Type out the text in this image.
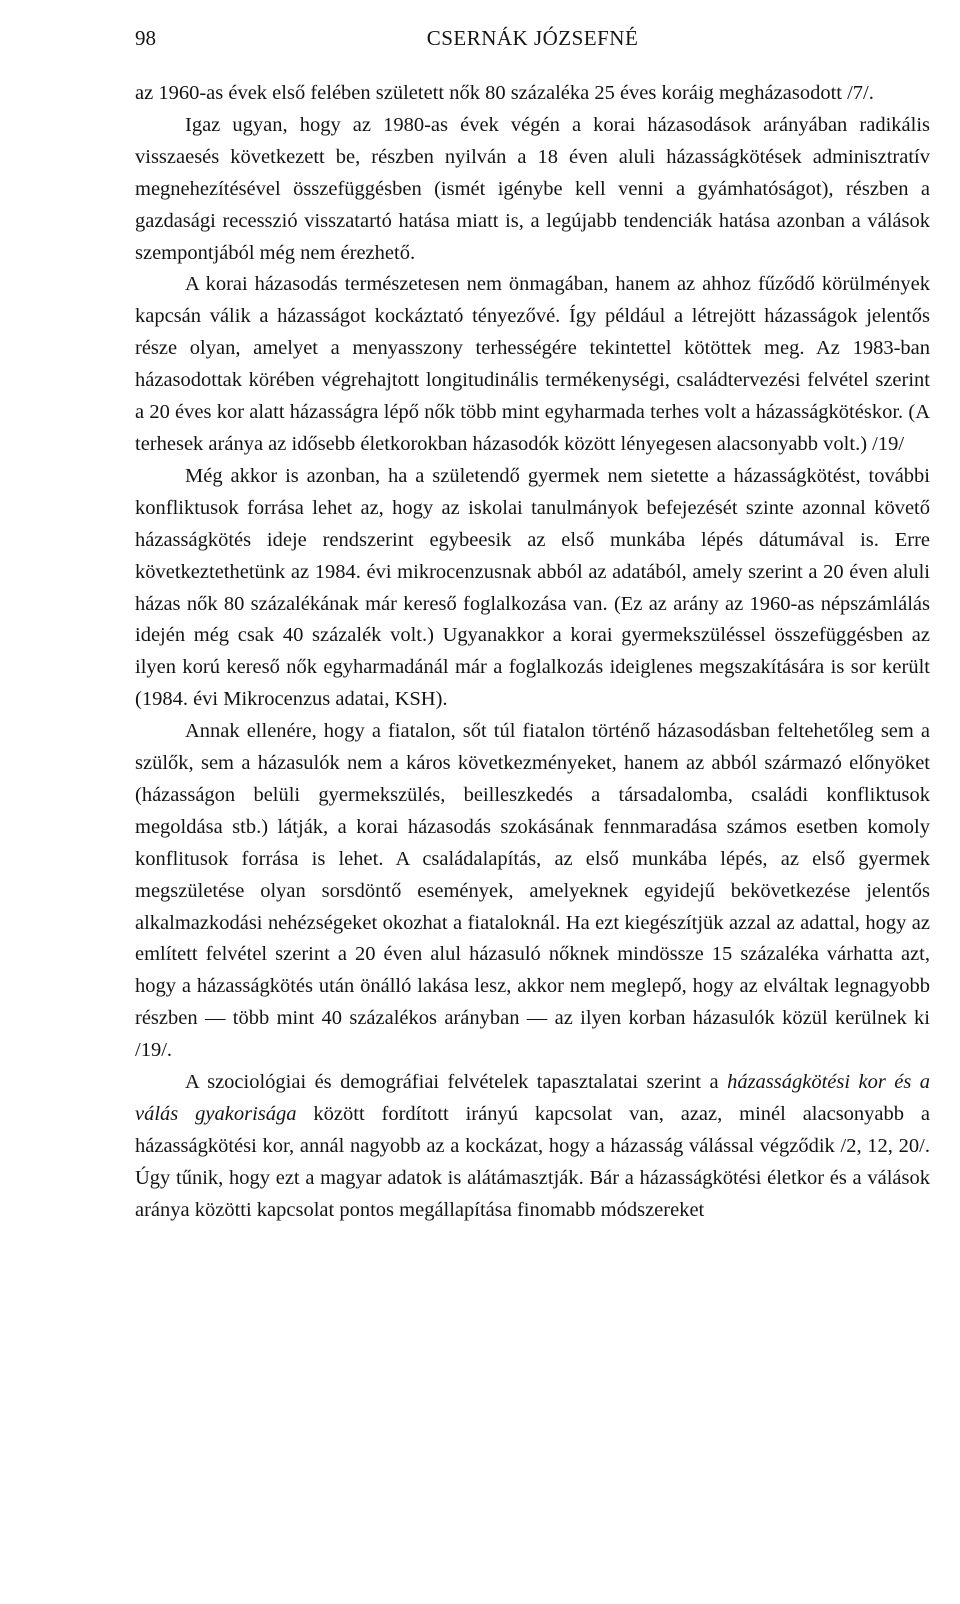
98	CSERNÁK JÓZSEFNÉ

az 1960-as évek első felében született nők 80 százaléka 25 éves koráig megházasodott /7/.

Igaz ugyan, hogy az 1980-as évek végén a korai házasodások arányában radikális visszaesés következett be, részben nyilván a 18 éven aluli házasságkötések adminisztratív megnehezítésével összefüggésben (ismét igénybe kell venni a gyámhatóságot), részben a gazdasági recesszió visszatartó hatása miatt is, a legújabb tendenciák hatása azonban a válások szempontjából még nem érezhető.

A korai házasodás természetesen nem önmagában, hanem az ahhoz fűződő körülmények kapcsán válik a házasságot kockáztató tényezővé. Így például a létrejött házasságok jelentős része olyan, amelyet a menyasszony terhességére tekintettel kötöttek meg. Az 1983-ban házasodottak körében végrehajtott longitudinális termékenységi, családtervezési felvétel szerint a 20 éves kor alatt házasságra lépő nők több mint egyharmada terhes volt a házasságkötéskor. (A terhesek aránya az idősebb életkorokban házasodók között lényegesen alacsonyabb volt.) /19/

Még akkor is azonban, ha a születendő gyermek nem sietette a házasságkötést, további konfliktusok forrása lehet az, hogy az iskolai tanulmányok befejezését szinte azonnal követő házasságkötés ideje rendszerint egybeesik az első munkába lépés dátumával is. Erre következtethetünk az 1984. évi mikrocenzusnak abból az adatából, amely szerint a 20 éven aluli házas nők 80 százalékának már kereső foglalkozása van. (Ez az arány az 1960-as népszámlálás idején még csak 40 százalék volt.) Ugyanakkor a korai gyermekszüléssel összefüggésben az ilyen korú kereső nők egyharmadánál már a foglalkozás ideiglenes megszakítására is sor került (1984. évi Mikrocenzus adatai, KSH).

Annak ellenére, hogy a fiatalon, sőt túl fiatalon történő házasodásban feltehetőleg sem a szülők, sem a házasulók nem a káros következményeket, hanem az abból származó előnyöket (házasságon belüli gyermekszülés, beilleszkedés a társadalomba, családi konfliktusok megoldása stb.) látják, a korai házasodás szokásának fennmaradása számos esetben komoly konflitusok forrása is lehet. A családalapítás, az első munkába lépés, az első gyermek megszületése olyan sorsdöntő események, amelyeknek egyidejű bekövetkezése jelentős alkalmazkodási nehézségeket okozhat a fiataloknál. Ha ezt kiegészítjük azzal az adattal, hogy az említett felvétel szerint a 20 éven alul házasuló nőknek mindössze 15 százaléka várhatta azt, hogy a házasságkötés után önálló lakása lesz, akkor nem meglepő, hogy az elváltak legnagyobb részben — több mint 40 százalékos arányban — az ilyen korban házasulók közül kerülnek ki /19/.

A szociológiai és demográfiai felvételek tapasztalatai szerint a házasságkötési kor és a válás gyakorisága között fordított irányú kapcsolat van, azaz, minél alacsonyabb a házasságkötési kor, annál nagyobb az a kockázat, hogy a házasság válással végződik /2, 12, 20/. Úgy tűnik, hogy ezt a magyar adatok is alátámasztják. Bár a házasságkötési életkor és a válások aránya közötti kapcsolat pontos megállapítása finomabb módszereket
